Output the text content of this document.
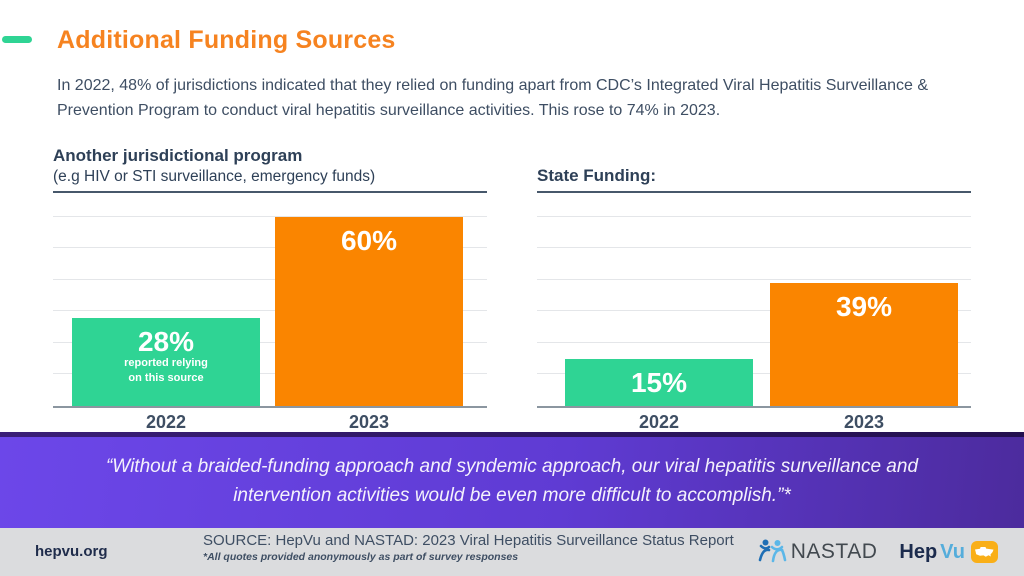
Additional Funding Sources

In 2022, 48% of jurisdictions indicated that they relied on funding apart from CDC’s Integrated Viral Hepatitis Surveillance & Prevention Program to conduct viral hepatitis surveillance activities. This rose to 74% in 2023.

Another jurisdictional program
(e.g HIV or STI surveillance, emergency funds)
28%
reported relying
on this source
60%
2022	2023
State Funding:
15%
39%
2022	2023

“Without a braided-funding approach and syndemic approach, our viral hepatitis surveillance and intervention activities would be even more difficult to accomplish.”*

hepvu.org
SOURCE: HepVu and NASTAD: 2023 Viral Hepatitis Surveillance Status Report
*All quotes provided anonymously as part of survey responses	NASTAD Hep Vu
